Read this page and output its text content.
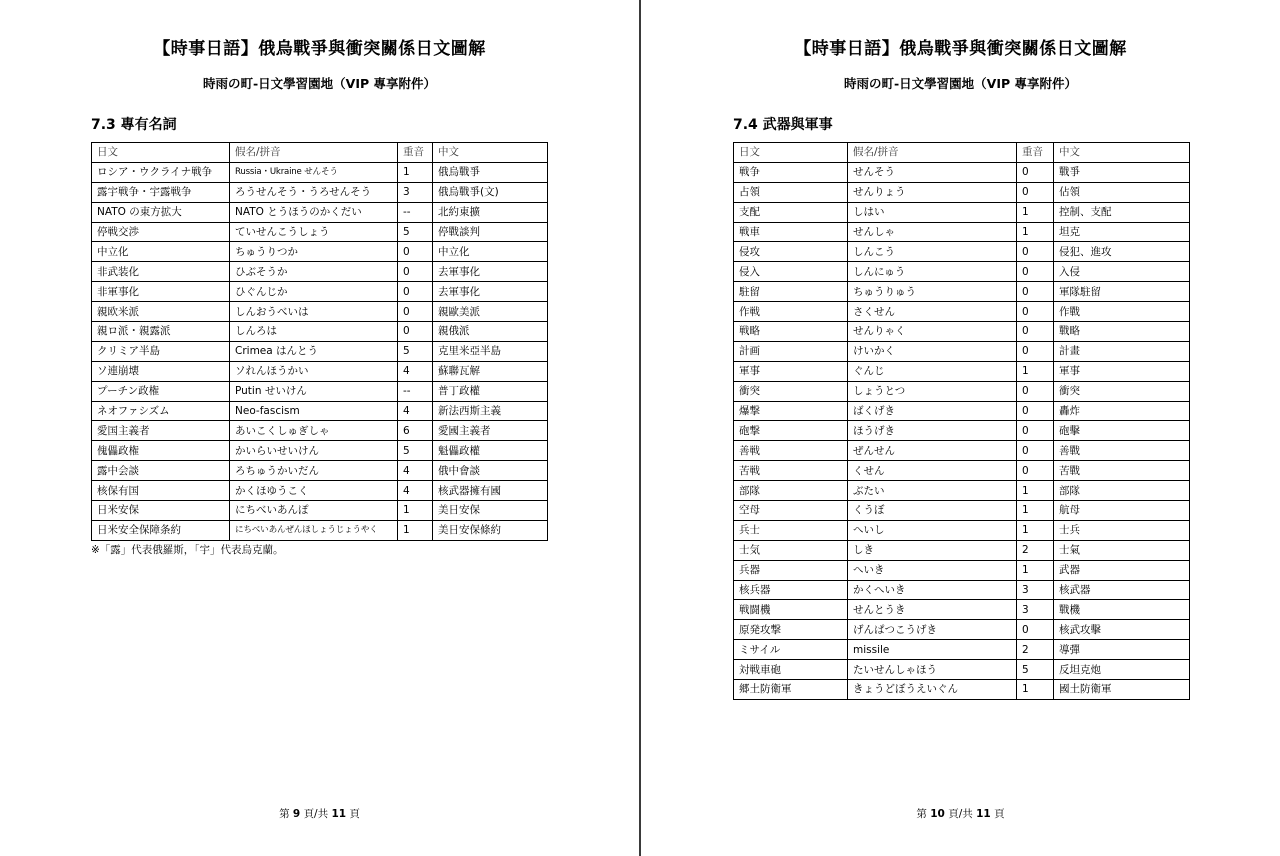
【時事日語】俄烏戰爭與衝突關係日文圖解
時雨の町-日文學習園地（VIP 專享附件）
7.3 專有名詞
日文	假名/拼音	重音	中文
ロシア・ウクライナ戦争	Russia・Ukraine せんそう	1	俄烏戰爭
露宇戦争・宇露戦争	ろうせんそう・うろせんそう	3	俄烏戰爭(文)
NATO の東方拡大	NATO とうほうのかくだい	--	北約東擴
停戦交渉	ていせんこうしょう	5	停戰談判
中立化	ちゅうりつか	0	中立化
非武装化	ひぶそうか	0	去軍事化
非軍事化	ひぐんじか	0	去軍事化
親欧米派	しんおうべいは	0	親歐美派
親ロ派・親露派	しんろは	0	親俄派
クリミア半島	Crimea はんとう	5	克里米亞半島
ソ連崩壊	ソれんほうかい	4	蘇聯瓦解
プーチン政権	Putin せいけん	--	普丁政權
ネオファシズム	Neo-fascism	4	新法西斯主義
愛国主義者	あいこくしゅぎしゃ	6	愛國主義者
傀儡政権	かいらいせいけん	5	魁儡政權
露中会談	ろちゅうかいだん	4	俄中會談
核保有国	かくほゆうこく	4	核武器擁有國
日米安保	にちべいあんぽ	1	美日安保
日米安全保障条約	にちべいあんぜんほしょうじょうやく	1	美日安保條約
※「露」代表俄羅斯，「宇」代表烏克蘭。
第 9 頁/共 11 頁
【時事日語】俄烏戰爭與衝突關係日文圖解
時雨の町-日文學習園地（VIP 專享附件）
7.4 武器與軍事
日文	假名/拼音	重音	中文
戦争	せんそう	0	戰爭
占領	せんりょう	0	佔領
支配	しはい	1	控制、支配
戦車	せんしゃ	1	坦克
侵攻	しんこう	0	侵犯、進攻
侵入	しんにゅう	0	入侵
駐留	ちゅうりゅう	0	軍隊駐留
作戦	さくせん	0	作戰
戦略	せんりゃく	0	戰略
計画	けいかく	0	計畫
軍事	ぐんじ	1	軍事
衝突	しょうとつ	0	衝突
爆撃	ばくげき	0	轟炸
砲撃	ほうげき	0	砲擊
善戦	ぜんせん	0	善戰
苦戦	くせん	0	苦戰
部隊	ぶたい	1	部隊
空母	くうぼ	1	航母
兵士	へいし	1	士兵
士気	しき	2	士氣
兵器	へいき	1	武器
核兵器	かくへいき	3	核武器
戦闘機	せんとうき	3	戰機
原発攻撃	げんぱつこうげき	0	核武攻擊
ミサイル	missile	2	導彈
対戦車砲	たいせんしゃほう	5	反坦克炮
郷土防衛軍	きょうどぼうえいぐん	1	國土防衛軍
第 10 頁/共 11 頁
